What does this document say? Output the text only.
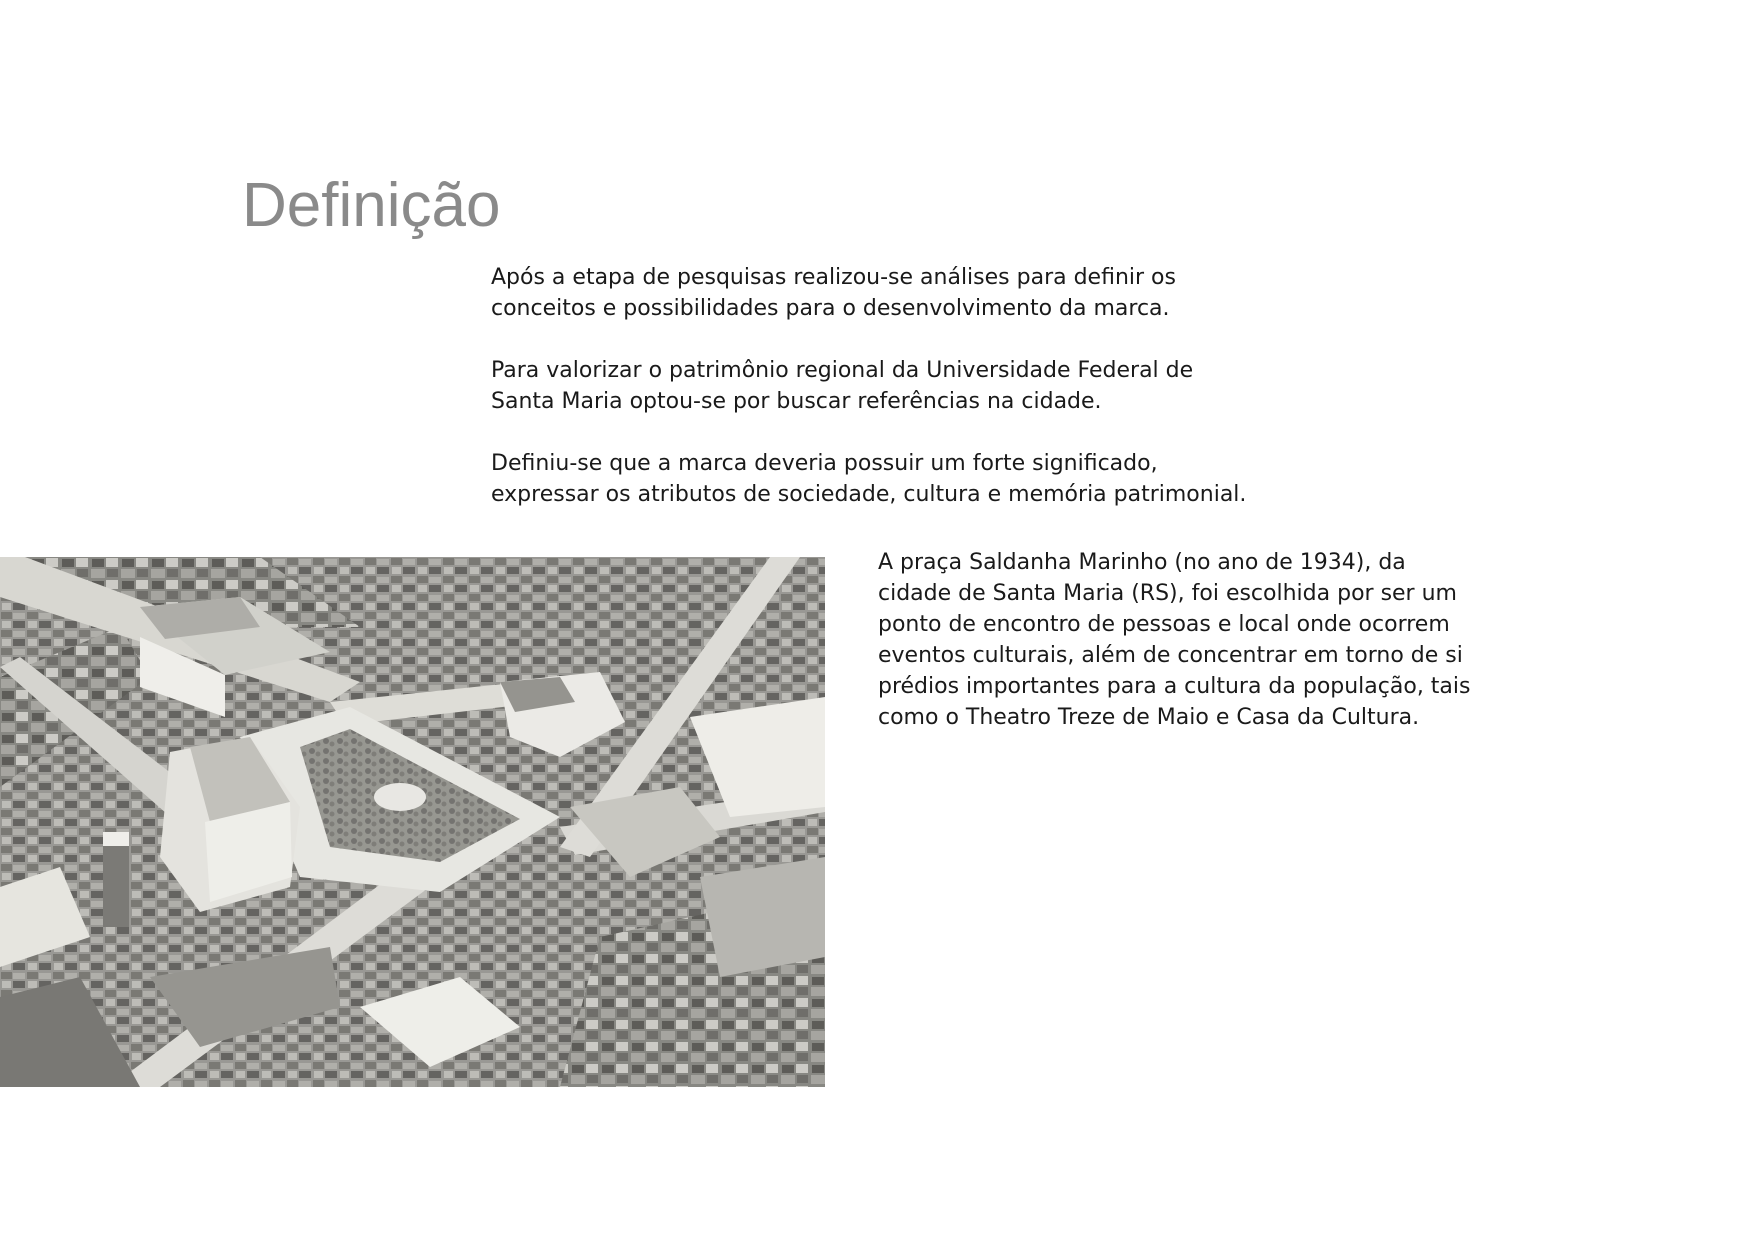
Definição

Após a etapa de pesquisas realizou-se análises para definir os
conceitos e possibilidades para o desenvolvimento da marca.

Para valorizar o patrimônio regional da Universidade Federal de
Santa Maria optou-se por buscar referências na cidade.

Definiu-se que a marca deveria possuir um forte significado,
expressar os atributos de sociedade, cultura e memória patrimonial.

A praça Saldanha Marinho (no ano de 1934), da
cidade de Santa Maria (RS), foi escolhida por ser um
ponto de encontro de pessoas e local onde ocorrem
eventos culturais, além de concentrar em torno de si
prédios importantes para a cultura da população, tais
como o Theatro Treze de Maio e Casa da Cultura.
